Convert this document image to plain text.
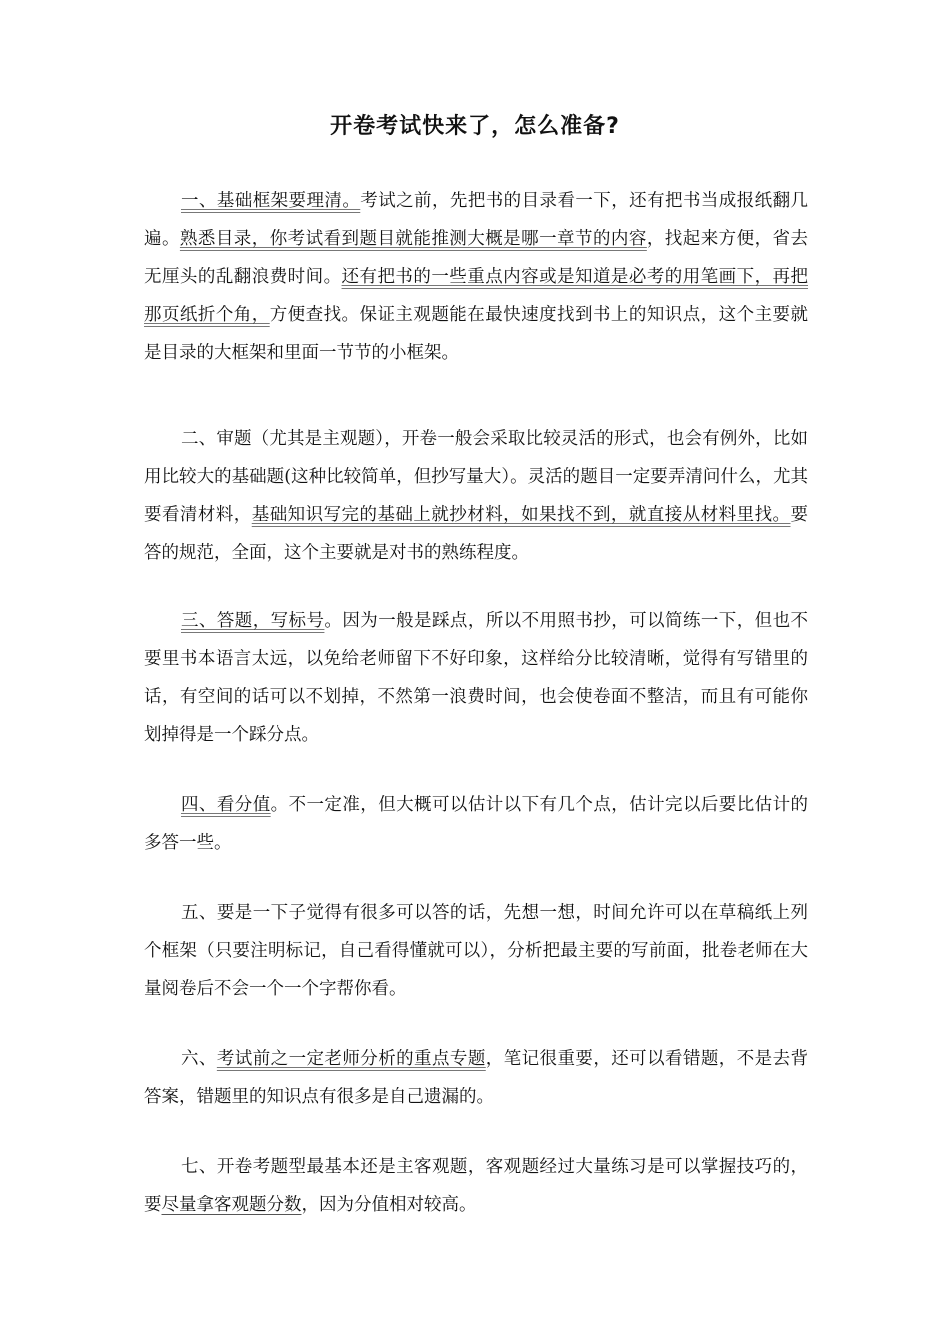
开卷考试快来了，怎么准备?

一、基础框架要理清。考试之前，先把书的目录看一下，还有把书当成报纸翻几遍。熟悉目录，你考试看到题目就能推测大概是哪一章节的内容，找起来方便，省去无厘头的乱翻浪费时间。还有把书的一些重点内容或是知道是必考的用笔画下，再把那页纸折个角，方便查找。保证主观题能在最快速度找到书上的知识点，这个主要就是目录的大框架和里面一节节的小框架。

二、审题（尤其是主观题），开卷一般会采取比较灵活的形式，也会有例外，比如用比较大的基础题(这种比较简单，但抄写量大）。灵活的题目一定要弄清问什么，尤其要看清材料，基础知识写完的基础上就抄材料，如果找不到，就直接从材料里找。要答的规范，全面，这个主要就是对书的熟练程度。

三、答题，写标号。因为一般是踩点，所以不用照书抄，可以简练一下，但也不要里书本语言太远，以免给老师留下不好印象，这样给分比较清晰，觉得有写错里的话，有空间的话可以不划掉，不然第一浪费时间，也会使卷面不整洁，而且有可能你划掉得是一个踩分点。

四、看分值。不一定准，但大概可以估计以下有几个点，估计完以后要比估计的多答一些。

五、要是一下子觉得有很多可以答的话，先想一想，时间允许可以在草稿纸上列个框架（只要注明标记，自己看得懂就可以），分析把最主要的写前面，批卷老师在大量阅卷后不会一个一个字帮你看。

六、考试前之一定老师分析的重点专题，笔记很重要，还可以看错题，不是去背答案，错题里的知识点有很多是自己遗漏的。

七、开卷考题型最基本还是主客观题，客观题经过大量练习是可以掌握技巧的，要尽量拿客观题分数，因为分值相对较高。
